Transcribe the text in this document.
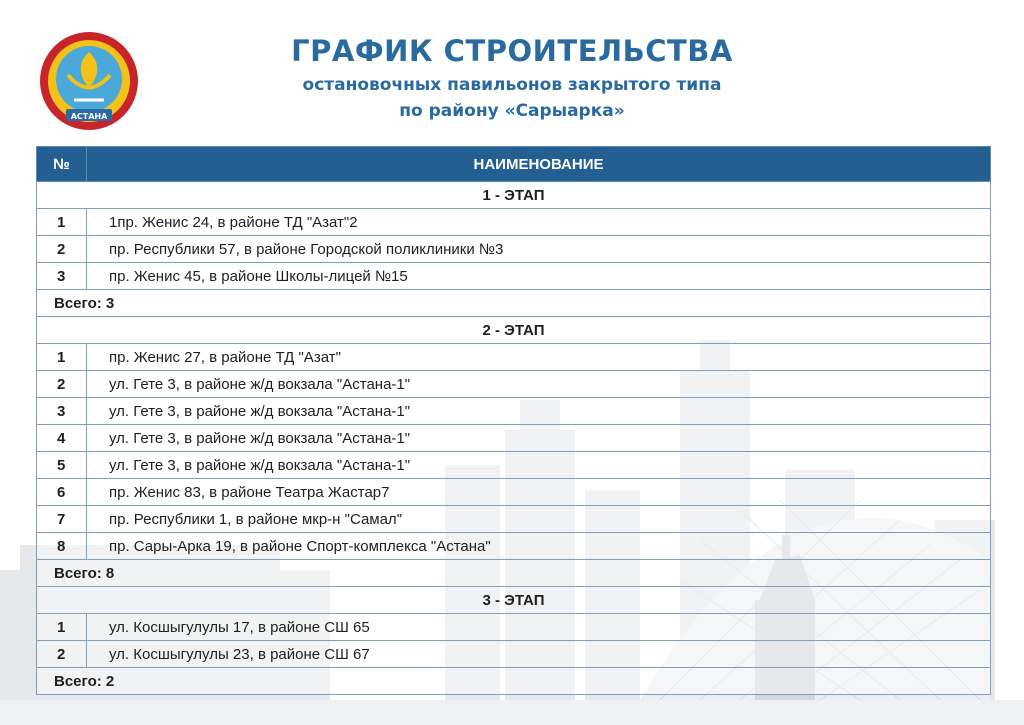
АСТАНА
ГРАФИК СТРОИТЕЛЬСТВА
остановочных павильонов закрытого типа
по району «Сарыарка»
№	НАИМЕНОВАНИЕ
1 - ЭТАП	
1	1пр. Женис 24, в районе ТД "Азат"2
2	пр. Республики 57, в районе Городской поликлиники №3
3	пр. Женис 45, в районе Школы-лицей №15
Всего: 3	
2 - ЭТАП	
1	пр. Женис 27, в районе ТД "Азат"
2	ул. Гете 3, в районе ж/д вокзала "Астана-1"
3	ул. Гете 3, в районе ж/д вокзала "Астана-1"
4	ул. Гете 3, в районе ж/д вокзала "Астана-1"
5	ул. Гете 3, в районе ж/д вокзала "Астана-1"
6	пр. Женис 83, в районе Театра Жастар7
7	пр. Республики 1, в районе мкр-н "Самал"
8	пр. Сары-Арка 19, в районе Спорт-комплекса "Астана"
Всего: 8	
3 - ЭТАП	
1	ул. Косшыгулулы 17, в районе СШ 65
2	ул. Косшыгулулы 23, в районе СШ 67
Всего: 2	
